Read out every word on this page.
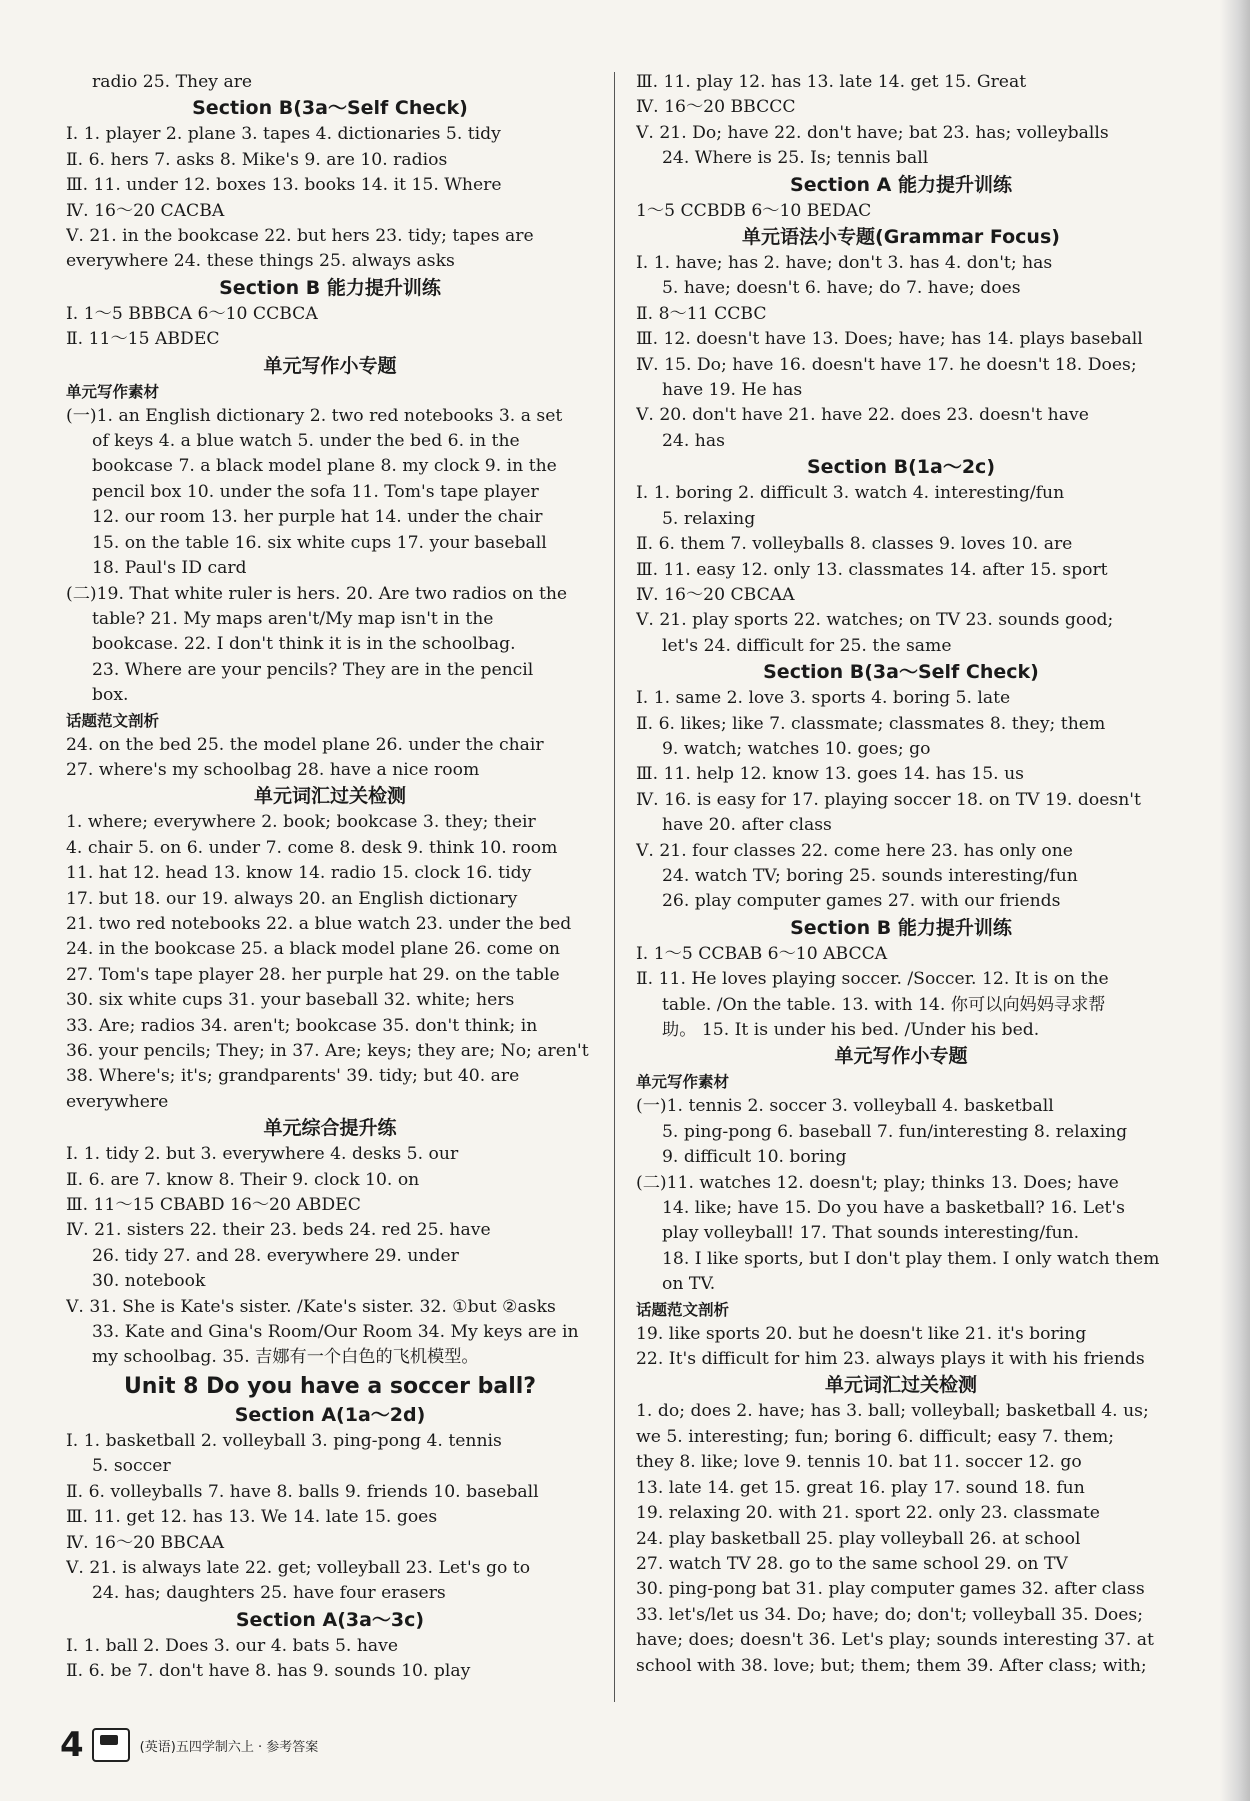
radio 25. They are
Section B(3a～Self Check)
Ⅰ. 1. player 2. plane 3. tapes 4. dictionaries 5. tidy
Ⅱ. 6. hers 7. asks 8. Mike's 9. are 10. radios
Ⅲ. 11. under 12. boxes 13. books 14. it 15. Where
Ⅳ. 16～20 CACBA
Ⅴ. 21. in the bookcase 22. but hers 23. tidy; tapes are
everywhere 24. these things 25. always asks
Section B 能力提升训练
Ⅰ. 1～5 BBBCA 6～10 CCBCA
Ⅱ. 11～15 ABDEC
单元写作小专题
单元写作素材
(一)1. an English dictionary 2. two red notebooks 3. a set
of keys 4. a blue watch 5. under the bed 6. in the
bookcase 7. a black model plane 8. my clock 9. in the
pencil box 10. under the sofa 11. Tom's tape player
12. our room 13. her purple hat 14. under the chair
15. on the table 16. six white cups 17. your baseball
18. Paul's ID card
(二)19. That white ruler is hers. 20. Are two radios on the
table? 21. My maps aren't/My map isn't in the
bookcase. 22. I don't think it is in the schoolbag.
23. Where are your pencils? They are in the pencil
box.
话题范文剖析
24. on the bed 25. the model plane 26. under the chair
27. where's my schoolbag 28. have a nice room
单元词汇过关检测
1. where; everywhere 2. book; bookcase 3. they; their
4. chair 5. on 6. under 7. come 8. desk 9. think 10. room
11. hat 12. head 13. know 14. radio 15. clock 16. tidy
17. but 18. our 19. always 20. an English dictionary
21. two red notebooks 22. a blue watch 23. under the bed
24. in the bookcase 25. a black model plane 26. come on
27. Tom's tape player 28. her purple hat 29. on the table
30. six white cups 31. your baseball 32. white; hers
33. Are; radios 34. aren't; bookcase 35. don't think; in
36. your pencils; They; in 37. Are; keys; they are; No; aren't
38. Where's; it's; grandparents' 39. tidy; but 40. are
everywhere
单元综合提升练
Ⅰ. 1. tidy 2. but 3. everywhere 4. desks 5. our
Ⅱ. 6. are 7. know 8. Their 9. clock 10. on
Ⅲ. 11～15 CBABD 16～20 ABDEC
Ⅳ. 21. sisters 22. their 23. beds 24. red 25. have
26. tidy 27. and 28. everywhere 29. under
30. notebook
Ⅴ. 31. She is Kate's sister. /Kate's sister. 32. ①but ②asks
33. Kate and Gina's Room/Our Room 34. My keys are in
my schoolbag. 35. 吉娜有一个白色的飞机模型。
Unit 8 Do you have a soccer ball?
Section A(1a～2d)
Ⅰ. 1. basketball 2. volleyball 3. ping-pong 4. tennis
5. soccer
Ⅱ. 6. volleyballs 7. have 8. balls 9. friends 10. baseball
Ⅲ. 11. get 12. has 13. We 14. late 15. goes
Ⅳ. 16～20 BBCAA
Ⅴ. 21. is always late 22. get; volleyball 23. Let's go to
24. has; daughters 25. have four erasers
Section A(3a～3c)
Ⅰ. 1. ball 2. Does 3. our 4. bats 5. have
Ⅱ. 6. be 7. don't have 8. has 9. sounds 10. play
Ⅲ. 11. play 12. has 13. late 14. get 15. Great
Ⅳ. 16～20 BBCCC
Ⅴ. 21. Do; have 22. don't have; bat 23. has; volleyballs
24. Where is 25. Is; tennis ball
Section A 能力提升训练
1～5 CCBDB 6～10 BEDAC
单元语法小专题(Grammar Focus)
Ⅰ. 1. have; has 2. have; don't 3. has 4. don't; has
5. have; doesn't 6. have; do 7. have; does
Ⅱ. 8～11 CCBC
Ⅲ. 12. doesn't have 13. Does; have; has 14. plays baseball
Ⅳ. 15. Do; have 16. doesn't have 17. he doesn't 18. Does;
have 19. He has
Ⅴ. 20. don't have 21. have 22. does 23. doesn't have
24. has
Section B(1a～2c)
Ⅰ. 1. boring 2. difficult 3. watch 4. interesting/fun
5. relaxing
Ⅱ. 6. them 7. volleyballs 8. classes 9. loves 10. are
Ⅲ. 11. easy 12. only 13. classmates 14. after 15. sport
Ⅳ. 16～20 CBCAA
Ⅴ. 21. play sports 22. watches; on TV 23. sounds good;
let's 24. difficult for 25. the same
Section B(3a～Self Check)
Ⅰ. 1. same 2. love 3. sports 4. boring 5. late
Ⅱ. 6. likes; like 7. classmate; classmates 8. they; them
9. watch; watches 10. goes; go
Ⅲ. 11. help 12. know 13. goes 14. has 15. us
Ⅳ. 16. is easy for 17. playing soccer 18. on TV 19. doesn't
have 20. after class
Ⅴ. 21. four classes 22. come here 23. has only one
24. watch TV; boring 25. sounds interesting/fun
26. play computer games 27. with our friends
Section B 能力提升训练
Ⅰ. 1～5 CCBAB 6～10 ABCCA
Ⅱ. 11. He loves playing soccer. /Soccer. 12. It is on the
table. /On the table. 13. with 14. 你可以向妈妈寻求帮
助。 15. It is under his bed. /Under his bed.
单元写作小专题
单元写作素材
(一)1. tennis 2. soccer 3. volleyball 4. basketball
5. ping-pong 6. baseball 7. fun/interesting 8. relaxing
9. difficult 10. boring
(二)11. watches 12. doesn't; play; thinks 13. Does; have
14. like; have 15. Do you have a basketball? 16. Let's
play volleyball! 17. That sounds interesting/fun.
18. I like sports, but I don't play them. I only watch them
on TV.
话题范文剖析
19. like sports 20. but he doesn't like 21. it's boring
22. It's difficult for him 23. always plays it with his friends
单元词汇过关检测
1. do; does 2. have; has 3. ball; volleyball; basketball 4. us;
we 5. interesting; fun; boring 6. difficult; easy 7. them;
they 8. like; love 9. tennis 10. bat 11. soccer 12. go
13. late 14. get 15. great 16. play 17. sound 18. fun
19. relaxing 20. with 21. sport 22. only 23. classmate
24. play basketball 25. play volleyball 26. at school
27. watch TV 28. go to the same school 29. on TV
30. ping-pong bat 31. play computer games 32. after class
33. let's/let us 34. Do; have; do; don't; volleyball 35. Does;
have; does; doesn't 36. Let's play; sounds interesting 37. at
school with 38. love; but; them; them 39. After class; with;
4	(英语)五四学制六上 · 参考答案
